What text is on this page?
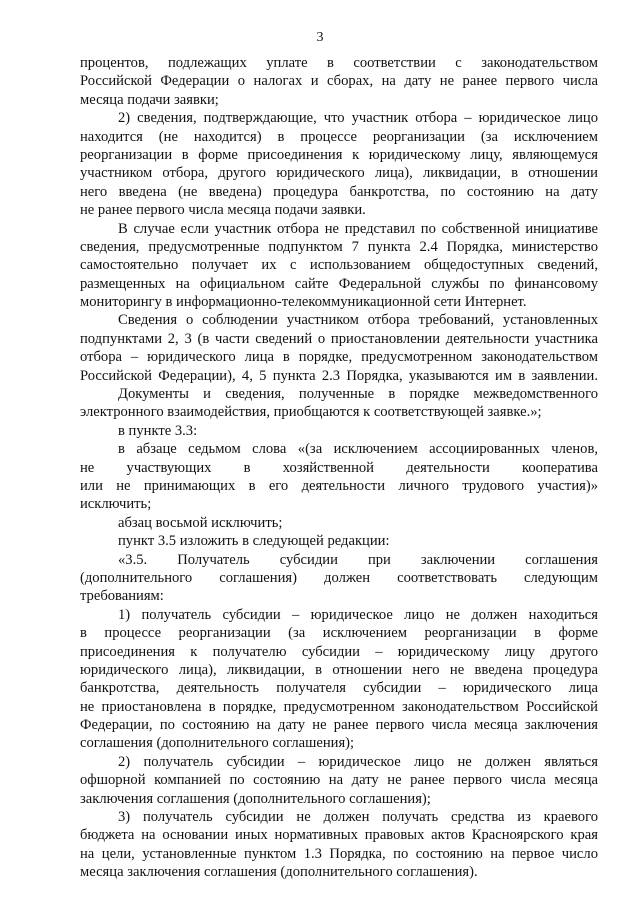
3
процентов, подлежащих уплате в соответствии с законодательством
Российской Федерации о налогах и сборах, на дату не ранее первого числа
месяца подачи заявки;
2) сведения, подтверждающие, что участник отбора – юридическое лицо
находится (не находится) в процессе реорганизации (за исключением
реорганизации в форме присоединения к юридическому лицу, являющемуся
участником отбора, другого юридического лица), ликвидации, в отношении
него введена (не введена) процедура банкротства, по состоянию на дату
не ранее первого числа месяца подачи заявки.
В случае если участник отбора не представил по собственной инициативе
сведения, предусмотренные подпунктом 7 пункта 2.4 Порядка, министерство
самостоятельно получает их с использованием общедоступных сведений,
размещенных на официальном сайте Федеральной службы по финансовому
мониторингу в информационно-телекоммуникационной сети Интернет.
Сведения о соблюдении участником отбора требований, установленных
подпунктами 2, 3 (в части сведений о приостановлении деятельности участника
отбора – юридического лица в порядке, предусмотренном законодательством
Российской Федерации), 4, 5 пункта 2.3 Порядка, указываются им в заявлении.
Документы и сведения, полученные в порядке межведомственного
электронного взаимодействия, приобщаются к соответствующей заявке.»;
в пункте 3.3:
в абзаце седьмом слова «(за исключением ассоциированных членов,
не участвующих в хозяйственной деятельности кооператива
или не принимающих в его деятельности личного трудового участия)»
исключить;
абзац восьмой исключить;
пункт 3.5 изложить в следующей редакции:
«3.5. Получатель субсидии при заключении соглашения
(дополнительного соглашения) должен соответствовать следующим
требованиям:
1) получатель субсидии – юридическое лицо не должен находиться
в процессе реорганизации (за исключением реорганизации в форме
присоединения к получателю субсидии – юридическому лицу другого
юридического лица), ликвидации, в отношении него не введена процедура
банкротства, деятельность получателя субсидии – юридического лица
не приостановлена в порядке, предусмотренном законодательством Российской
Федерации, по состоянию на дату не ранее первого числа месяца заключения
соглашения (дополнительного соглашения);
2) получатель субсидии – юридическое лицо не должен являться
офшорной компанией по состоянию на дату не ранее первого числа месяца
заключения соглашения (дополнительного соглашения);
3) получатель субсидии не должен получать средства из краевого
бюджета на основании иных нормативных правовых актов Красноярского края
на цели, установленные пунктом 1.3 Порядка, по состоянию на первое число
месяца заключения соглашения (дополнительного соглашения).
